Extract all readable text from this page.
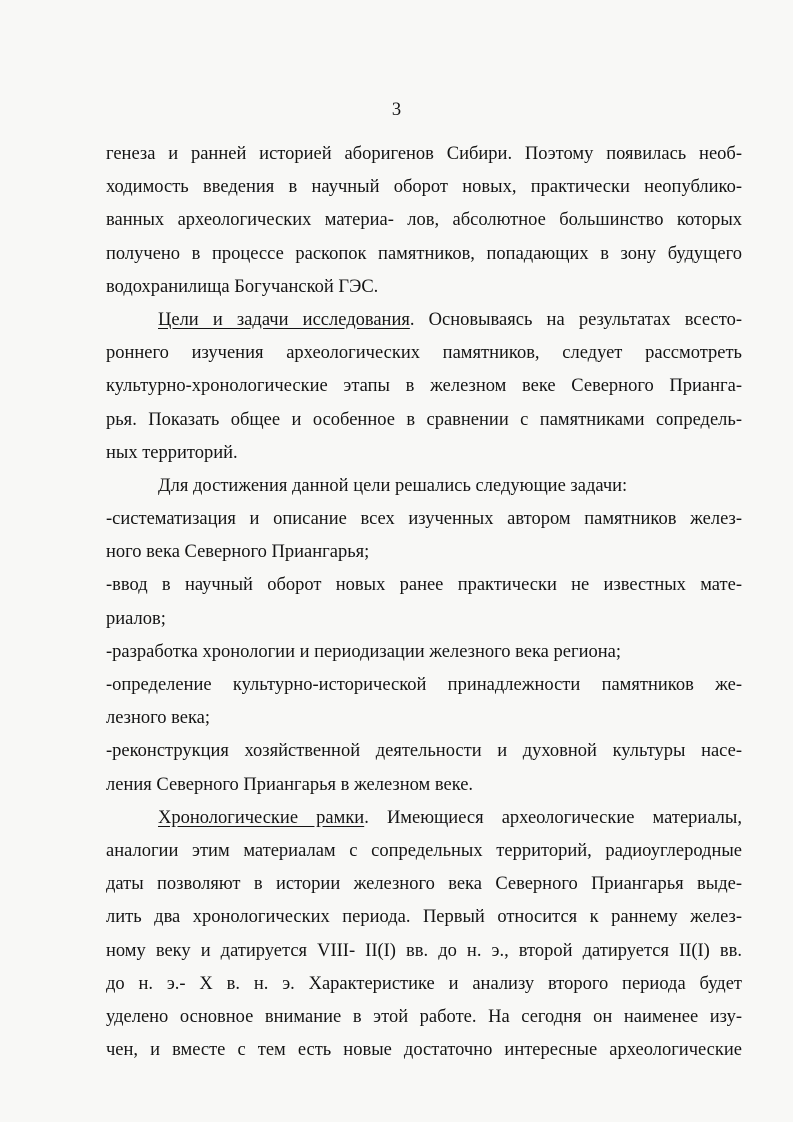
3
генеза и ранней историей аборигенов Сибири. Поэтому появилась необ-
ходимость введения в научный оборот новых, практически неопублико-
ванных археологических материа- лов, абсолютное большинство которых
получено в процессе раскопок памятников, попадающих в зону будущего
водохранилища Богучанской ГЭС.
Цели и задачи исследования. Основываясь на результатах всесто-
роннего изучения археологических памятников, следует рассмотреть
культурно-хронологические этапы в железном веке Северного Приангa-
рья. Показать общее и особенное в сравнении с памятниками сопредель-
ных территорий.
Для достижения данной цели решались следующие задачи:
-систематизация и описание всех изученных автором памятников желез-
ного века Северного Приангарья;
-ввод в научный оборот новых ранее практически не известных мате-
риалов;
-разработка хронологии и периодизации железного века региона;
-определение культурно-исторической принадлежности памятников же-
лезного века;
-реконструкция хозяйственной деятельности и духовной культуры насе-
ления Северного Приангарья в железном веке.
Хронологические рамки. Имеющиеся археологические материалы,
аналогии этим материалам с сопредельных территорий, радиоуглеродные
даты позволяют в истории железного века Северного Приангарья выде-
лить два хронологических периода. Первый относится к раннему желез-
ному веку и датируется VIII- II(I) вв. до н. э., второй датируется II(I) вв.
до н. э.- Х в. н. э. Характеристике и анализу второго периода будет
уделено основное внимание в этой работе. На сегодня он наименее изу-
чен, и вместе с тем есть новые достаточно интересные археологические
